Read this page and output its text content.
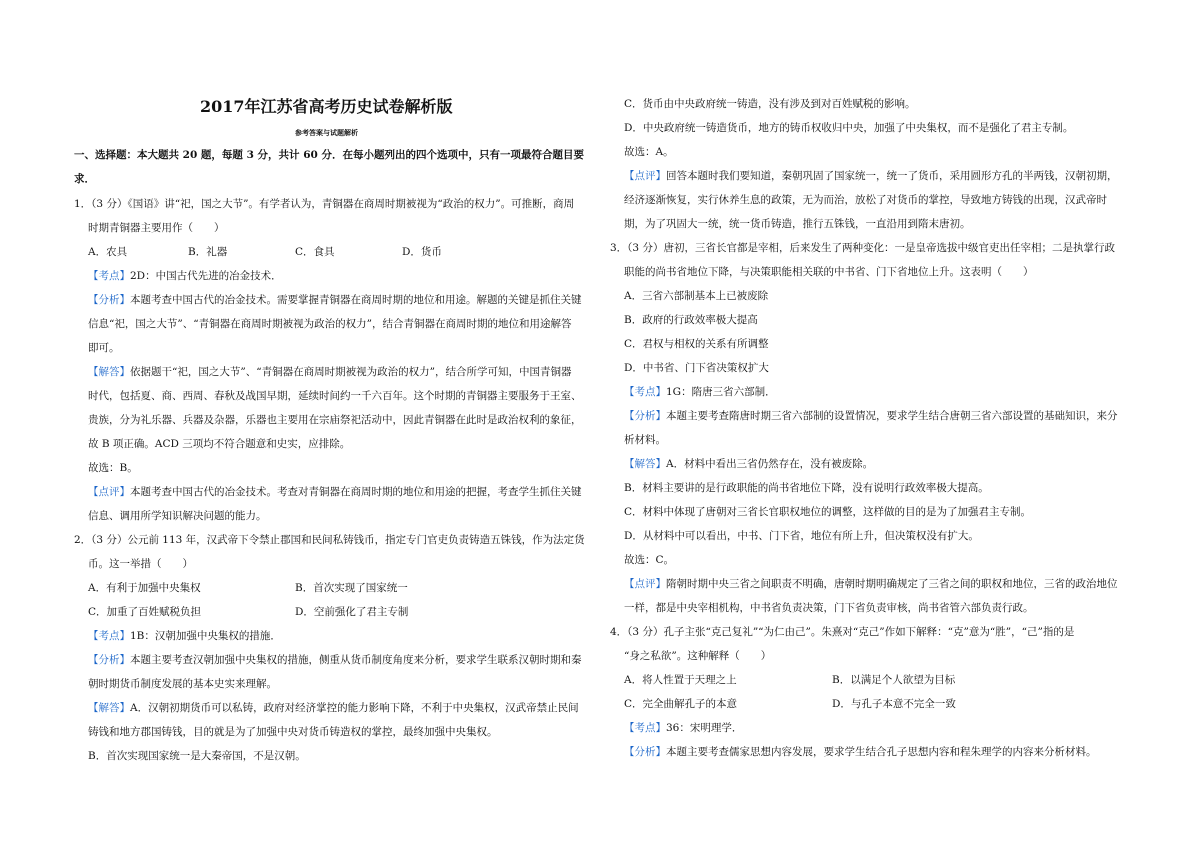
2017年江苏省高考历史试卷解析版
参考答案与试题解析
一、选择题：本大题共 20 题，每题 3 分，共计 60 分．在每小题列出的四个选项中，只有一项最符合题目要
求．
1．（3 分）《国语》讲“祀，国之大节”。有学者认为，青铜器在商周时期被视为“政治的权力”。可推断，商周
时期青铜器主要用作（　　）
A．农具	B．礼器	C．食具	D．货币
【考点】2D：中国古代先进的冶金技术．
【分析】本题考查中国古代的冶金技术。需要掌握青铜器在商周时期的地位和用途。解题的关键是抓住关键
信息“祀，国之大节”、“青铜器在商周时期被视为政治的权力”，结合青铜器在商周时期的地位和用途解答
即可。
【解答】依据题干“祀，国之大节”、“青铜器在商周时期被视为政治的权力”，结合所学可知，中国青铜器
时代，包括夏、商、西周、春秋及战国早期，延续时间约一千六百年。这个时期的青铜器主要服务于王室、
贵族，分为礼乐器、兵器及杂器，乐器也主要用在宗庙祭祀活动中，因此青铜器在此时是政治权利的象征，
故 B 项正确。ACD 三项均不符合题意和史实，应排除。
故选：B。
【点评】本题考查中国古代的冶金技术。考查对青铜器在商周时期的地位和用途的把握，考查学生抓住关键
信息、调用所学知识解决问题的能力。
2．（3 分）公元前 113 年，汉武帝下令禁止郡国和民间私铸钱币，指定专门官吏负责铸造五铢钱，作为法定货
币。这一举措（　　）
A．有利于加强中央集权	B．首次实现了国家统一
C．加重了百姓赋税负担	D．空前强化了君主专制
【考点】1B：汉朝加强中央集权的措施．
【分析】本题主要考查汉朝加强中央集权的措施，侧重从货币制度角度来分析，要求学生联系汉朝时期和秦
朝时期货币制度发展的基本史实来理解。
【解答】A．汉朝初期货币可以私铸，政府对经济掌控的能力影响下降，不利于中央集权，汉武帝禁止民间
铸钱和地方郡国铸钱，目的就是为了加强中央对货币铸造权的掌控，最终加强中央集权。
B．首次实现国家统一是大秦帝国，不是汉朝。
C．货币由中央政府统一铸造，没有涉及到对百姓赋税的影响。
D．中央政府统一铸造货币，地方的铸币权收归中央，加强了中央集权，而不是强化了君主专制。
故选：A。
【点评】回答本题时我们要知道，秦朝巩固了国家统一，统一了货币，采用圆形方孔的半两钱，汉朝初期，
经济逐渐恢复，实行休养生息的政策，无为而治，放松了对货币的掌控，导致地方铸钱的出现，汉武帝时
期，为了巩固大一统，统一货币铸造，推行五铢钱，一直沿用到隋末唐初。
3．（3 分）唐初，三省长官都是宰相，后来发生了两种变化：一是皇帝选拔中级官吏出任宰相；二是执掌行政
职能的尚书省地位下降，与决策职能相关联的中书省、门下省地位上升。这表明（　　）
A．三省六部制基本上已被废除
B．政府的行政效率极大提高
C．君权与相权的关系有所调整
D．中书省、门下省决策权扩大
【考点】1G：隋唐三省六部制．
【分析】本题主要考查隋唐时期三省六部制的设置情况，要求学生结合唐朝三省六部设置的基础知识，来分
析材料。
【解答】A．材料中看出三省仍然存在，没有被废除。
B．材料主要讲的是行政职能的尚书省地位下降，没有说明行政效率极大提高。
C．材料中体现了唐朝对三省长官职权地位的调整，这样做的目的是为了加强君主专制。
D．从材料中可以看出，中书、门下省，地位有所上升，但决策权没有扩大。
故选：C。
【点评】隋朝时期中央三省之间职责不明确，唐朝时期明确规定了三省之间的职权和地位，三省的政治地位
一样，都是中央宰相机构，中书省负责决策，门下省负责审核，尚书省管六部负责行政。
4．（3 分）孔子主张“克己复礼”“为仁由己”。朱熹对“克己”作如下解释：“克”意为“胜”，“己”指的是
“身之私欲”。这种解释（　　）
A．将人性置于天理之上	B．以满足个人欲望为目标
C．完全曲解孔子的本意	D．与孔子本意不完全一致
【考点】36：宋明理学．
【分析】本题主要考查儒家思想内容发展，要求学生结合孔子思想内容和程朱理学的内容来分析材料。
